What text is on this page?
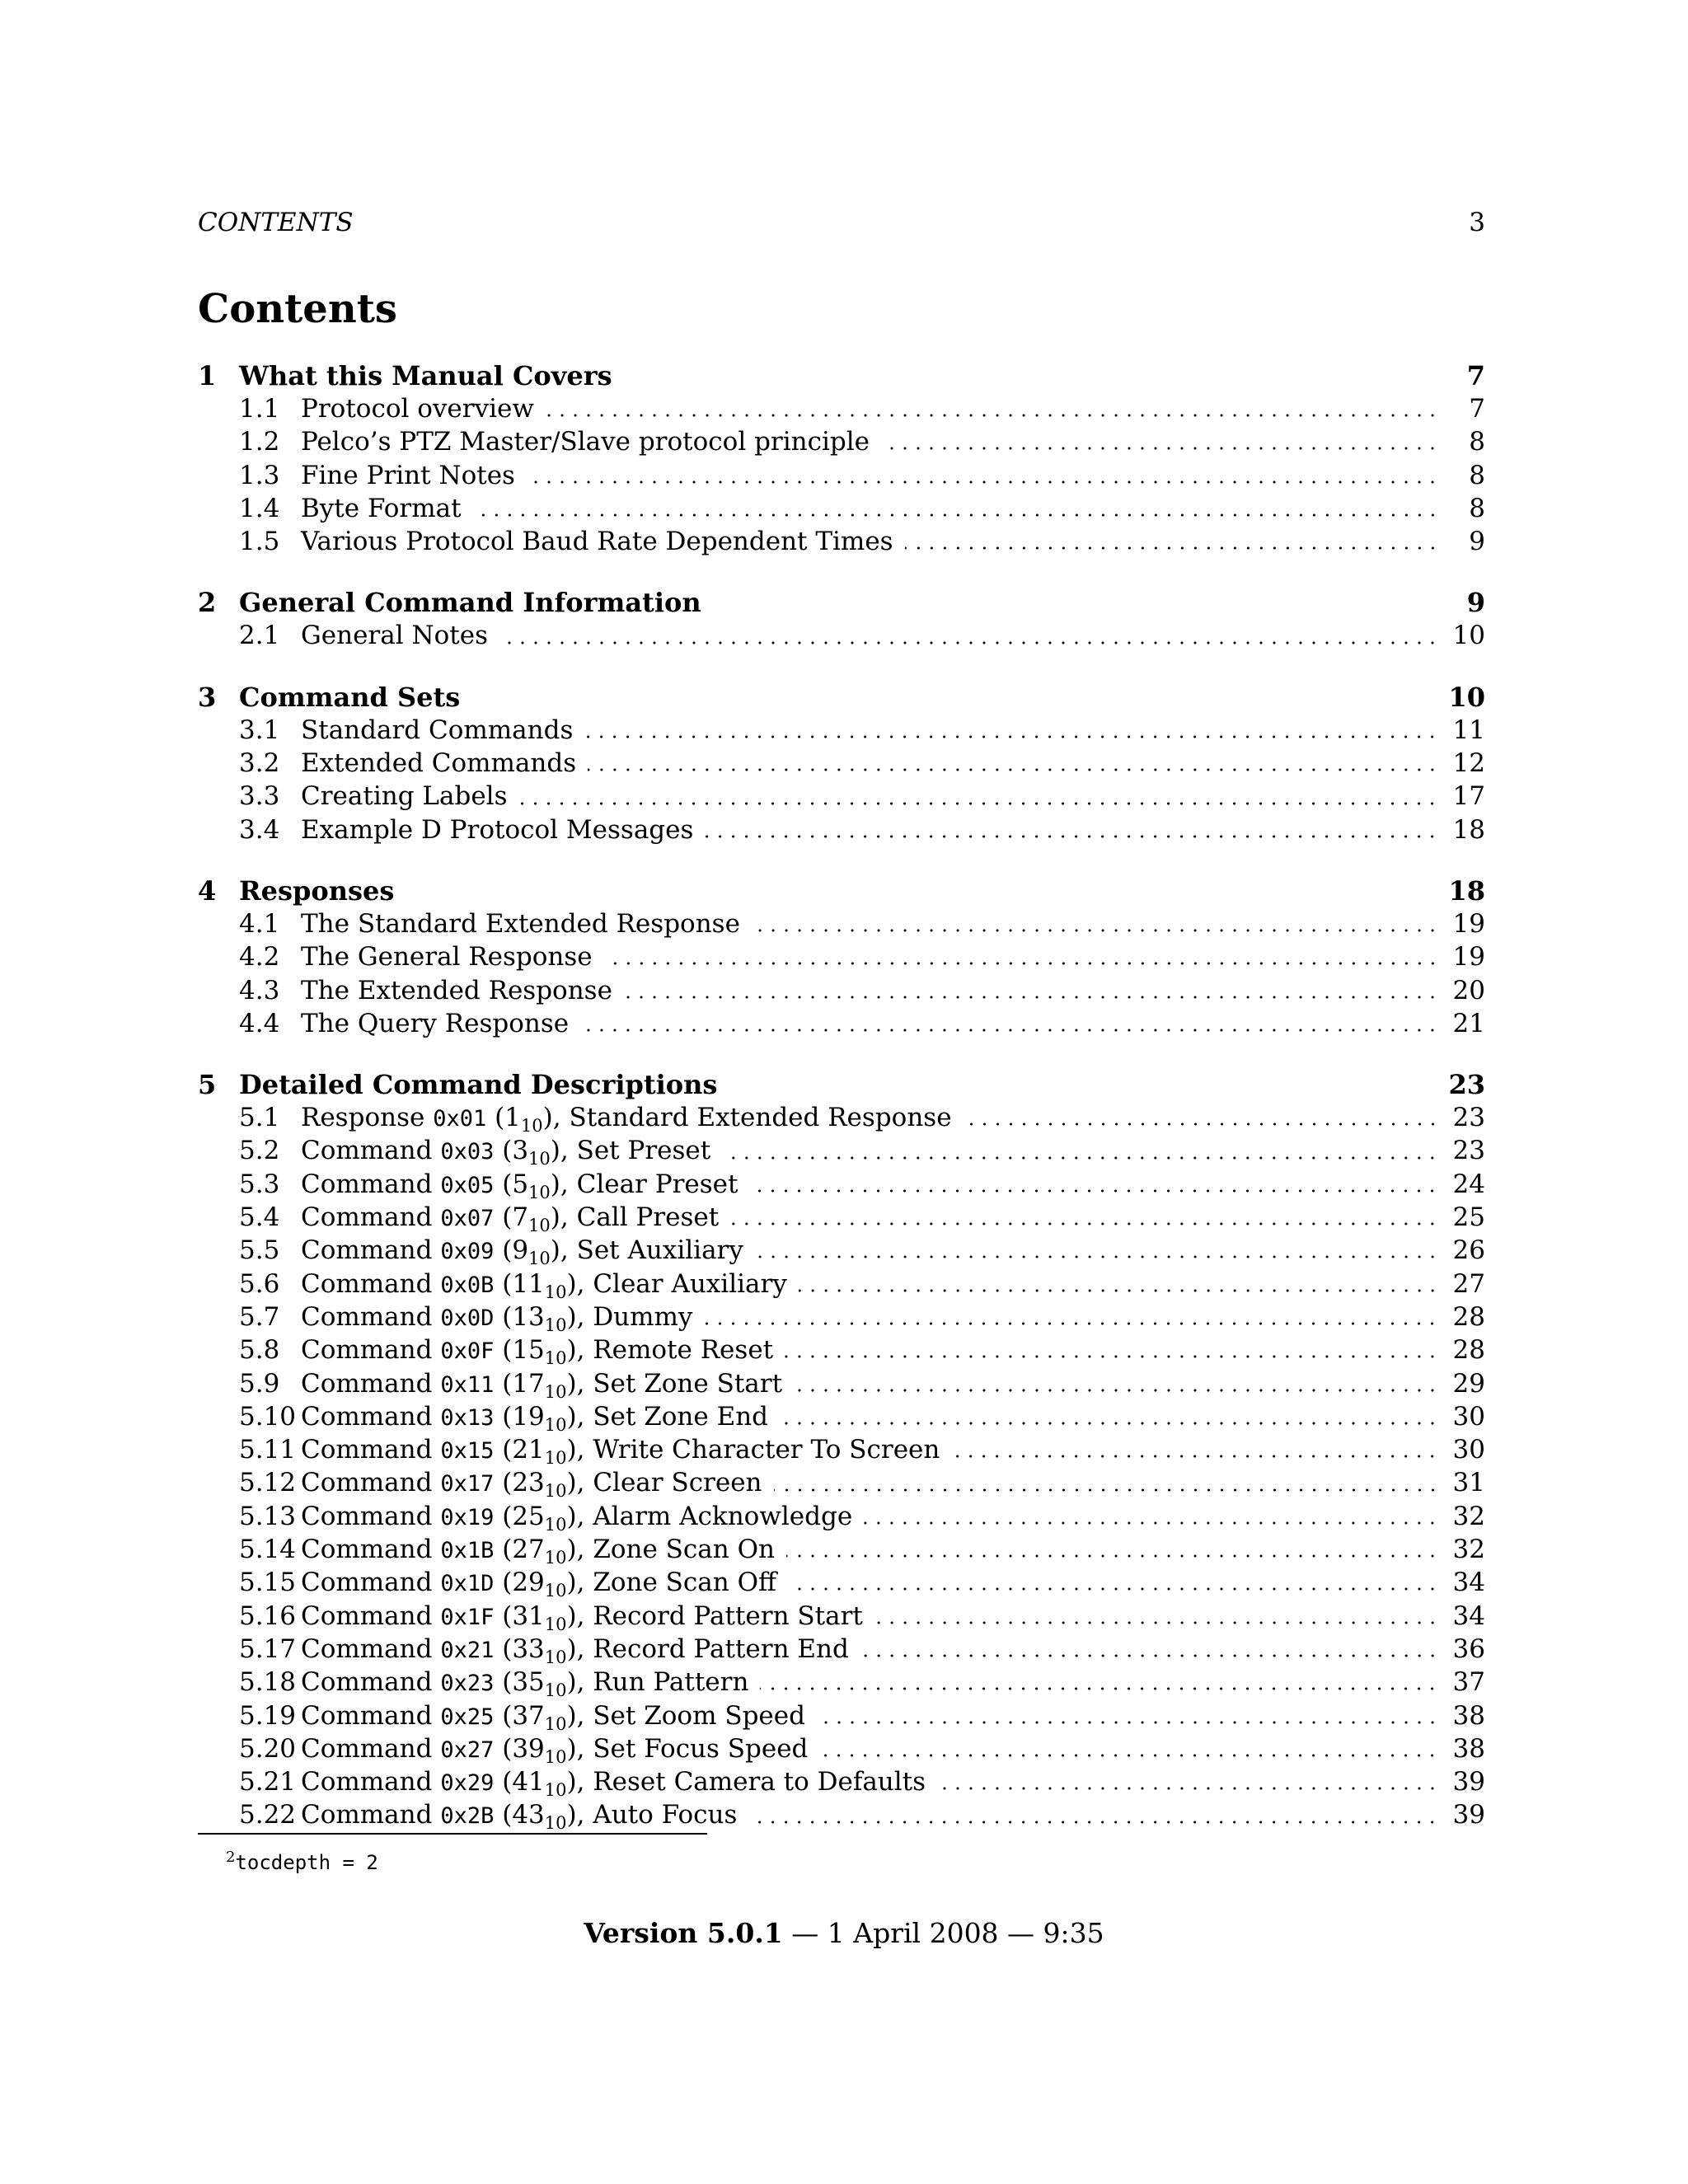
CONTENTS	3
Contents
1 What this Manual Covers	7
1.1 Protocol overview	7
1.2 Pelco’s PTZ Master/Slave protocol principle	8
1.3 Fine Print Notes	8
1.4 Byte Format	8
1.5 Various Protocol Baud Rate Dependent Times	9
2 General Command Information	9
2.1 General Notes	10
3 Command Sets	10
3.1 Standard Commands	11
3.2 Extended Commands	12
3.3 Creating Labels	17
3.4 Example D Protocol Messages	18
4 Responses	18
4.1 The Standard Extended Response	19
4.2 The General Response	19
4.3 The Extended Response	20
4.4 The Query Response	21
5 Detailed Command Descriptions	23
5.1 Response 0x01 $(1_{10})$, Standard Extended Response	23
5.2 Command 0x03 $(3_{10})$, Set Preset	23
5.3 Command 0x05 $(5_{10})$, Clear Preset	24
5.4 Command 0x07 $(7_{10})$, Call Preset	25
5.5 Command 0x09 $(9_{10})$, Set Auxiliary	26
5.6 Command 0x0B $(11_{10})$, Clear Auxiliary	27
5.7 Command 0x0D $(13_{10})$, Dummy	28
5.8 Command 0x0F $(15_{10})$, Remote Reset	28
5.9 Command 0x11 $(17_{10})$, Set Zone Start	29
5.10 Command 0x13 $(19_{10})$, Set Zone End	30
5.11 Command 0x15 $(21_{10})$, Write Character To Screen	30
5.12 Command 0x17 $(23_{10})$, Clear Screen	31
5.13 Command 0x19 $(25_{10})$, Alarm Acknowledge	32
5.14 Command 0x1B $(27_{10})$, Zone Scan On	32
5.15 Command 0x1D $(29_{10})$, Zone Scan Off	34
5.16 Command 0x1F $(31_{10})$, Record Pattern Start	34
5.17 Command 0x21 $(33_{10})$, Record Pattern End	36
5.18 Command 0x23 $(35_{10})$, Run Pattern	37
5.19 Command 0x25 $(37_{10})$, Set Zoom Speed	38
5.20 Command 0x27 $(39_{10})$, Set Focus Speed	38
5.21 Command 0x29 $(41_{10})$, Reset Camera to Defaults	39
5.22 Command 0x2B $(43_{10})$, Auto Focus	39
$^2$tocdepth = 2
Version 5.0.1 — 1 April 2008 — 9:35
